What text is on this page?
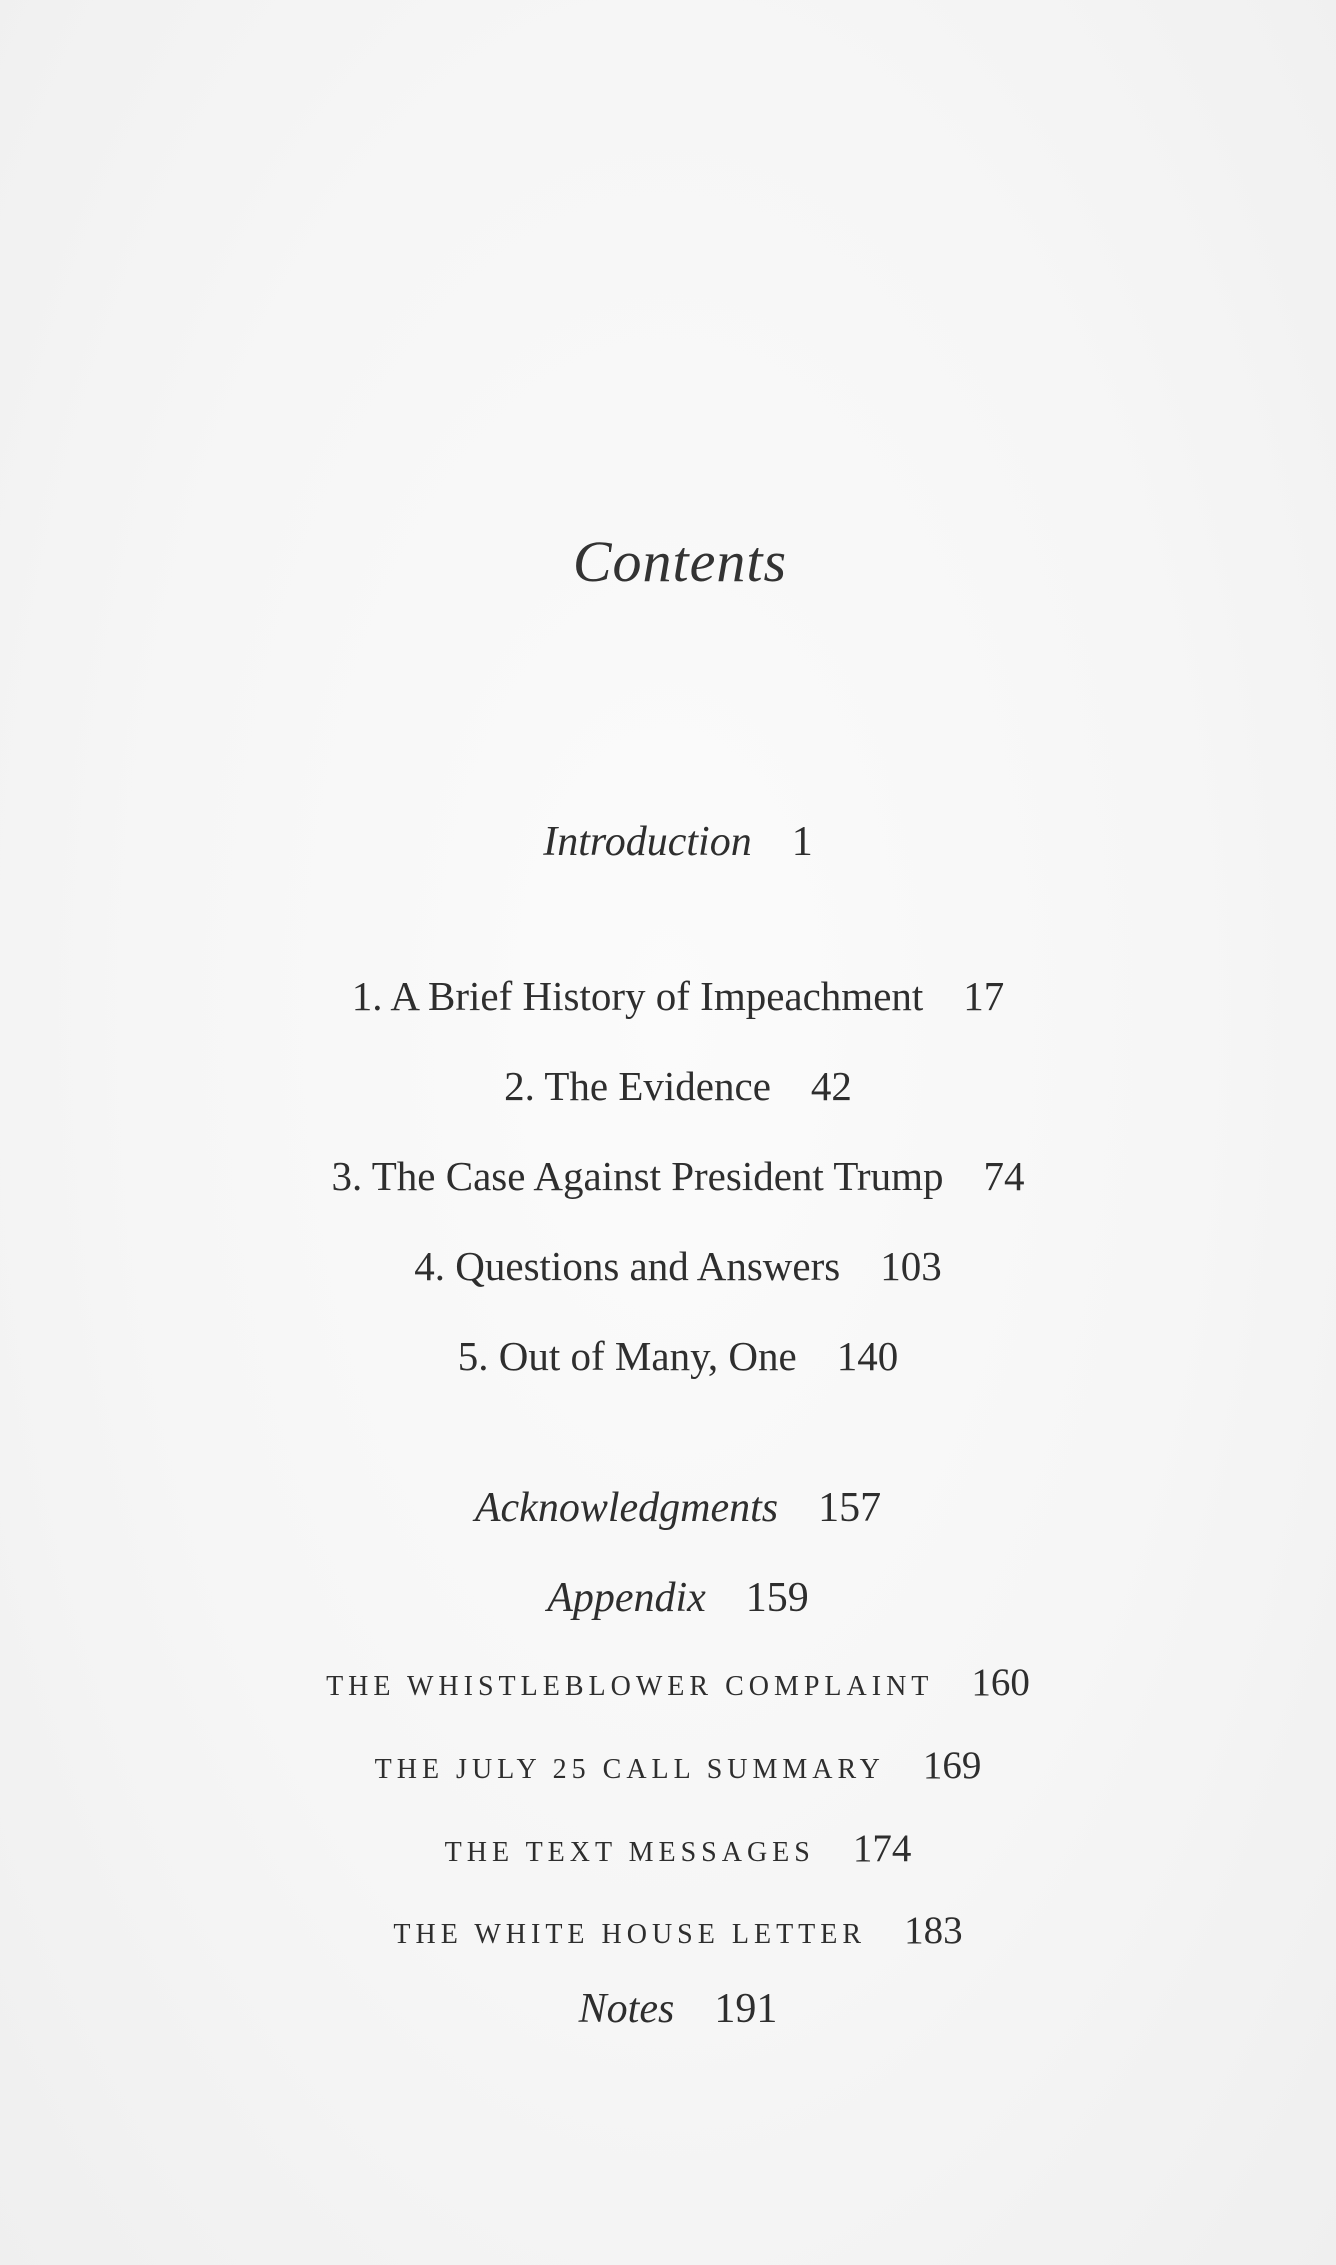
Contents
Introduction 1
1. A Brief History of Impeachment 17
2. The Evidence 42
3. The Case Against President Trump 74
4. Questions and Answers 103
5. Out of Many, One 140
Acknowledgments 157
Appendix 159
THE WHISTLEBLOWER COMPLAINT 160
THE JULY 25 CALL SUMMARY 169
THE TEXT MESSAGES 174
THE WHITE HOUSE LETTER 183
Notes 191
